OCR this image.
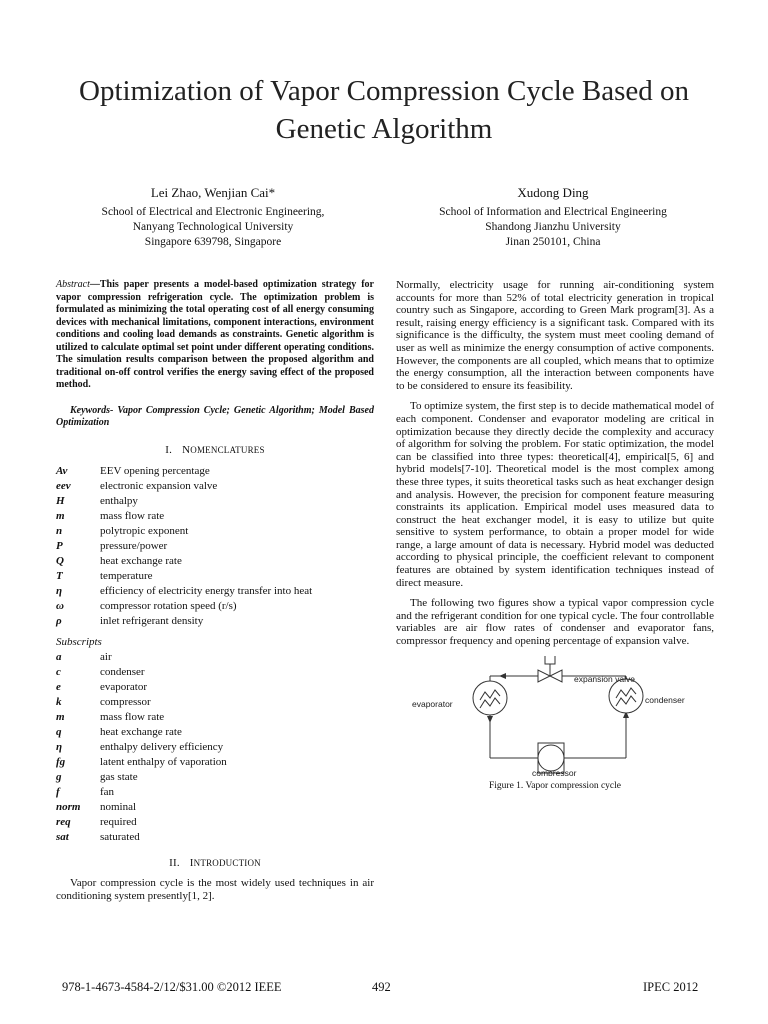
Optimization of Vapor Compression Cycle Based on
Genetic Algorithm
Lei Zhao, Wenjian Cai*
School of Electrical and Electronic Engineering,
Nanyang Technological University
Singapore 639798, Singapore
Xudong Ding
School of Information and Electrical Engineering
Shandong Jianzhu University
Jinan 250101, China
Abstract—This paper presents a model-based optimization strategy for vapor compression refrigeration cycle. The optimization problem is formulated as minimizing the total operating cost of all energy consuming devices with mechanical limitations, component interactions, environment conditions and cooling load demands as constraints. Genetic algorithm is utilized to calculate optimal set point under different operating conditions. The simulation results comparison between the proposed algorithm and traditional on-off control verifies the energy saving effect of the proposed method.
Keywords- Vapor Compression Cycle; Genetic Algorithm; Model Based Optimization
I. NOMENCLATURES
Av	EEV opening percentage
eev	electronic expansion valve
H	enthalpy
m	mass flow rate
n	polytropic exponent
P	pressure/power
Q	heat exchange rate
T	temperature
η	efficiency of electricity energy transfer into heat
ω	compressor rotation speed (r/s)
ρ	inlet refrigerant density
Subscripts
a	air
c	condenser
e	evaporator
k	compressor
m	mass flow rate
q	heat exchange rate
η	enthalpy delivery efficiency
fg	latent enthalpy of vaporation
g	gas state
f	fan
norm	nominal
req	required
sat	saturated
II. INTRODUCTION
Vapor compression cycle is the most widely used techniques in air conditioning system presently[1, 2].
Normally, electricity usage for running air-conditioning system accounts for more than 52% of total electricity generation in tropical country such as Singapore, according to Green Mark program[3]. As a result, raising energy efficiency is a significant task. Compared with its significance is the difficulty, the system must meet cooling demand of user as well as minimize the energy consumption of active components. However, the components are all coupled, which means that to optimize the energy consumption, all the interaction between components have to be considered to ensure its feasibility.
To optimize system, the first step is to decide mathematical model of each component. Condenser and evaporator modeling are critical in optimization because they directly decide the complexity and accuracy of algorithm for solving the problem. For static optimization, the model can be classified into three types: theoretical[4], empirical[5, 6] and hybrid models[7-10]. Theoretical model is the most complex among these three types, it suits theoretical tasks such as heat exchanger design and analysis. However, the precision for component feature measuring constraints its application. Empirical model uses measured data to construct the heat exchanger model, it is easy to utilize but quite sensitive to system performance, to obtain a proper model for wide range, a large amount of data is necessary. Hybrid model was deducted according to physical principle, the coefficient relevant to component features are obtained by system identification techniques instead of direct measure.
The following two figures show a typical vapor compression cycle and the refrigerant condition for one typical cycle. The four controllable variables are air flow rates of condenser and evaporator fans, compressor frequency and opening percentage of expansion valve.
expansion valve
evaporator	condenser
compressor
Figure 1. Vapor compression cycle
978-1-4673-4584-2/12/$31.00 ©2012 IEEE	492	IPEC 2012
